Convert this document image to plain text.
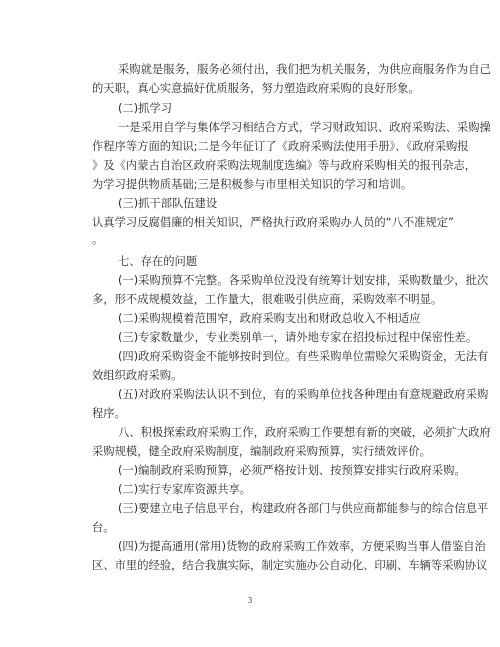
采购就是服务，服务必须付出，我们把为机关服务，为供应商服务作为自己
的天职，真心实意搞好优质服务，努力塑造政府采购的良好形象。
(二)抓学习
一是采用自学与集体学习相结合方式，学习财政知识、政府采购法、采购操
作程序等方面的知识;二是今年征订了《政府采购法使用手册》、《政府采购报
》及《内蒙古自治区政府采购法规制度选编》等与政府采购相关的报刊杂志，
为学习提供物质基础;三是积极参与市里相关知识的学习和培训。
(三)抓干部队伍建设
认真学习反腐倡廉的相关知识，严格执行政府采购办人员的“八不准规定”
。
七、存在的问题
(一)采购预算不完整。各采购单位没没有统筹计划安排，采购数量少，批次
多，形不成规模效益，工作量大，很难吸引供应商，采购效率不明显。
(二)采购规模着范围窄，政府采购支出和财政总收入不相适应
(三)专家数量少，专业类别单一，请外地专家在招投标过程中保密性差。
(四)政府采购资金不能够按时到位。有些采购单位需赊欠采购资金，无法有
效组织政府采购。
(五)对政府采购法认识不到位，有的采购单位找各种理由有意规避政府采购
程序。
八、积极探索政府采购工作，政府采购工作要想有新的突破，必须扩大政府
采购规模，健全政府采购制度，编制政府采购预算，实行绩效评价。
(一)编制政府采购预算，必须严格按计划、按预算安排实行政府采购。
(二)实行专家库资源共享。
(三)要建立电子信息平台，构建政府各部门与供应商都能参与的综合信息平
台。
(四)为提高通用(常用)货物的政府采购工作效率，方便采购当事人借鉴自治
区、市里的经验，结合我旗实际，制定实施办公自动化、印刷、车辆等采购协议
3
